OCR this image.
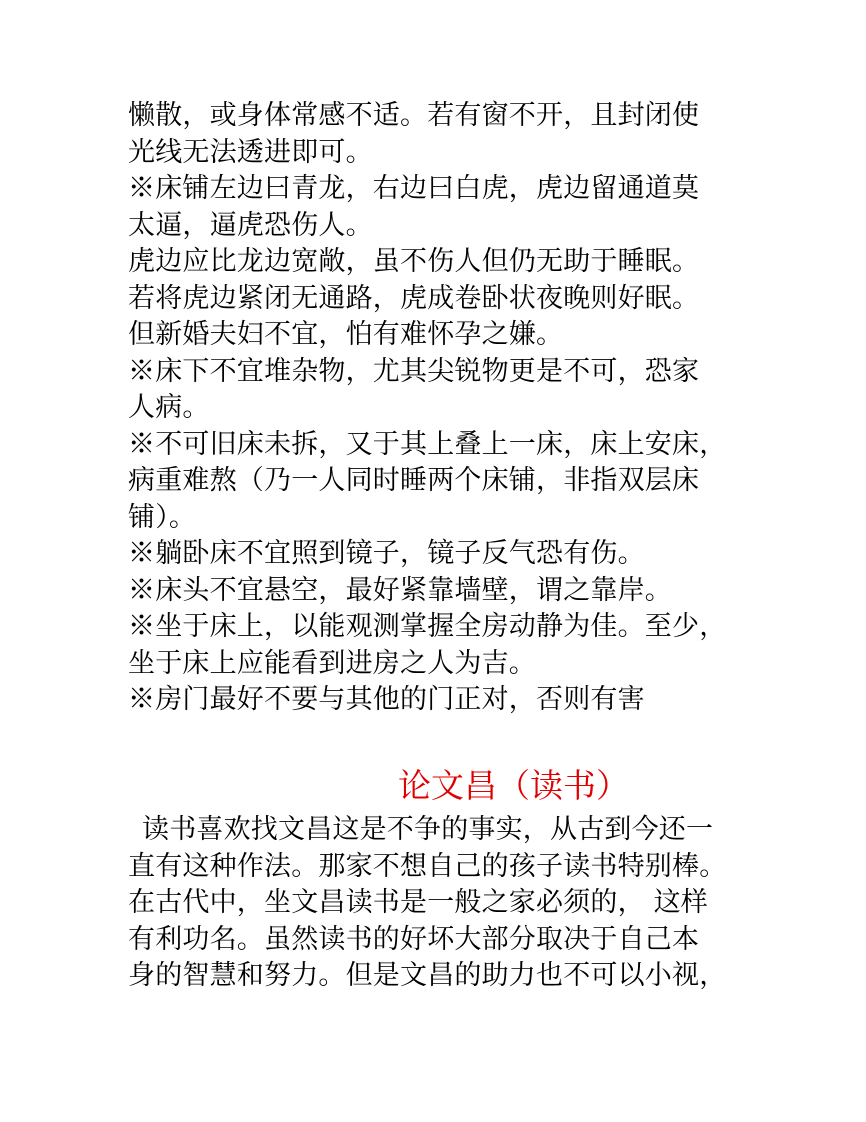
懒散，或身体常感不适。若有窗不开，且封闭使
光线无法透进即可。
※床铺左边曰青龙，右边曰白虎，虎边留通道莫
太逼，逼虎恐伤人。
虎边应比龙边宽敞，虽不伤人但仍无助于睡眠。
若将虎边紧闭无通路，虎成卷卧状夜晚则好眠。
但新婚夫妇不宜，怕有难怀孕之嫌。
※床下不宜堆杂物，尤其尖锐物更是不可，恐家
人病。
※不可旧床未拆，又于其上叠上一床，床上安床，
病重难熬（乃一人同时睡两个床铺，非指双层床
铺）。
※躺卧床不宜照到镜子，镜子反气恐有伤。
※床头不宜悬空，最好紧靠墙壁，谓之靠岸。
※坐于床上，以能观测掌握全房动静为佳。至少，
坐于床上应能看到进房之人为吉。
※房门最好不要与其他的门正对，否则有害
论文昌（读书）
读书喜欢找文昌这是不争的事实，从古到今还一
直有这种作法。那家不想自己的孩子读书特别棒。
在古代中，坐文昌读书是一般之家必须的， 这样
有利功名。虽然读书的好坏大部分取决于自己本
身的智慧和努力。但是文昌的助力也不可以小视，
